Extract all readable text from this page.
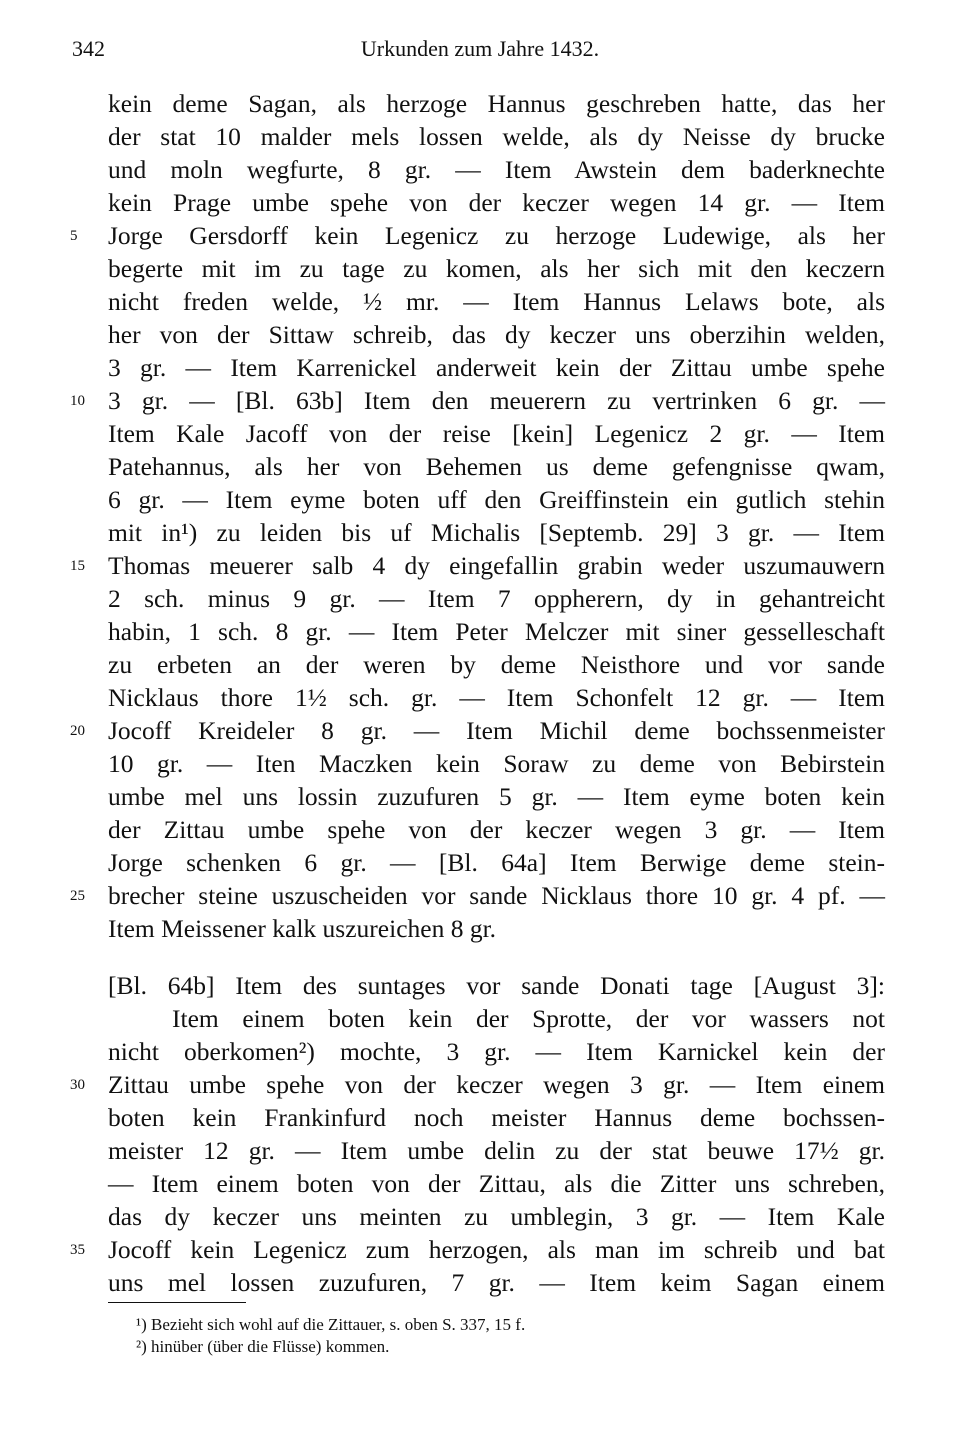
342	Urkunden zum Jahre 1432.
kein deme Sagan, als herzoge Hannus geschreben hatte, das her
der stat 10 malder mels lossen welde, als dy Neisse dy brucke
und moln wegfurte, 8 gr. — Item Awstein dem baderknechte
kein Prage umbe spehe von der keczer wegen 14 gr. — Item
Jorge Gersdorff kein Legenicz zu herzoge Ludewige, als her
begerte mit im zu tage zu komen, als her sich mit den keczern
nicht freden welde, ½ mr. — Item Hannus Lelaws bote, als
her von der Sittaw schreib, das dy keczer uns oberzihin welden,
3 gr. — Item Karrenickel anderweit kein der Zittau umbe spehe
3 gr. — [Bl. 63b] Item den meuerern zu vertrinken 6 gr. —
Item Kale Jacoff von der reise [kein] Legenicz 2 gr. — Item
Patehannus, als her von Behemen us deme gefengnisse qwam,
6 gr. — Item eyme boten uff den Greiffinstein ein gutlich stehin
mit in¹) zu leiden bis uf Michalis [Septemb. 29] 3 gr. — Item
Thomas meuerer salb 4 dy eingefallin grabin weder uszumauwern
2 sch. minus 9 gr. — Item 7 oppherern, dy in gehantreicht
habin, 1 sch. 8 gr. — Item Peter Melczer mit siner gesselleschaft
zu erbeten an der weren by deme Neisthore und vor sande
Nicklaus thore 1½ sch. gr. — Item Schonfelt 12 gr. — Item
Jocoff Kreideler 8 gr. — Item Michil deme bochssenmeister
10 gr. — Iten Maczken kein Soraw zu deme von Bebirstein
umbe mel uns lossin zuzufuren 5 gr. — Item eyme boten kein
der Zittau umbe spehe von der keczer wegen 3 gr. — Item
Jorge schenken 6 gr. — [Bl. 64a] Item Berwige deme stein-
brecher steine uszuscheiden vor sande Nicklaus thore 10 gr. 4 pf. —
Item Meissener kalk uszureichen 8 gr.
[Bl. 64b] Item des suntages vor sande Donati tage [August 3]:
Item einem boten kein der Sprotte, der vor wassers not
nicht oberkomen²) mochte, 3 gr. — Item Karnickel kein der
Zittau umbe spehe von der keczer wegen 3 gr. — Item einem
boten kein Frankinfurd noch meister Hannus deme bochssen-
meister 12 gr. — Item umbe delin zu der stat beuwe 17½ gr.
— Item einem boten von der Zittau, als die Zitter uns schreben,
das dy keczer uns meinten zu umblegin, 3 gr. — Item Kale
Jocoff kein Legenicz zum herzogen, als man im schreib und bat
uns mel lossen zuzufuren, 7 gr. — Item keim Sagan einem
5
10
15
20
25
30
35
¹) Bezieht sich wohl auf die Zittauer, s. oben S. 337, 15 f.
²) hinüber (über die Flüsse) kommen.
